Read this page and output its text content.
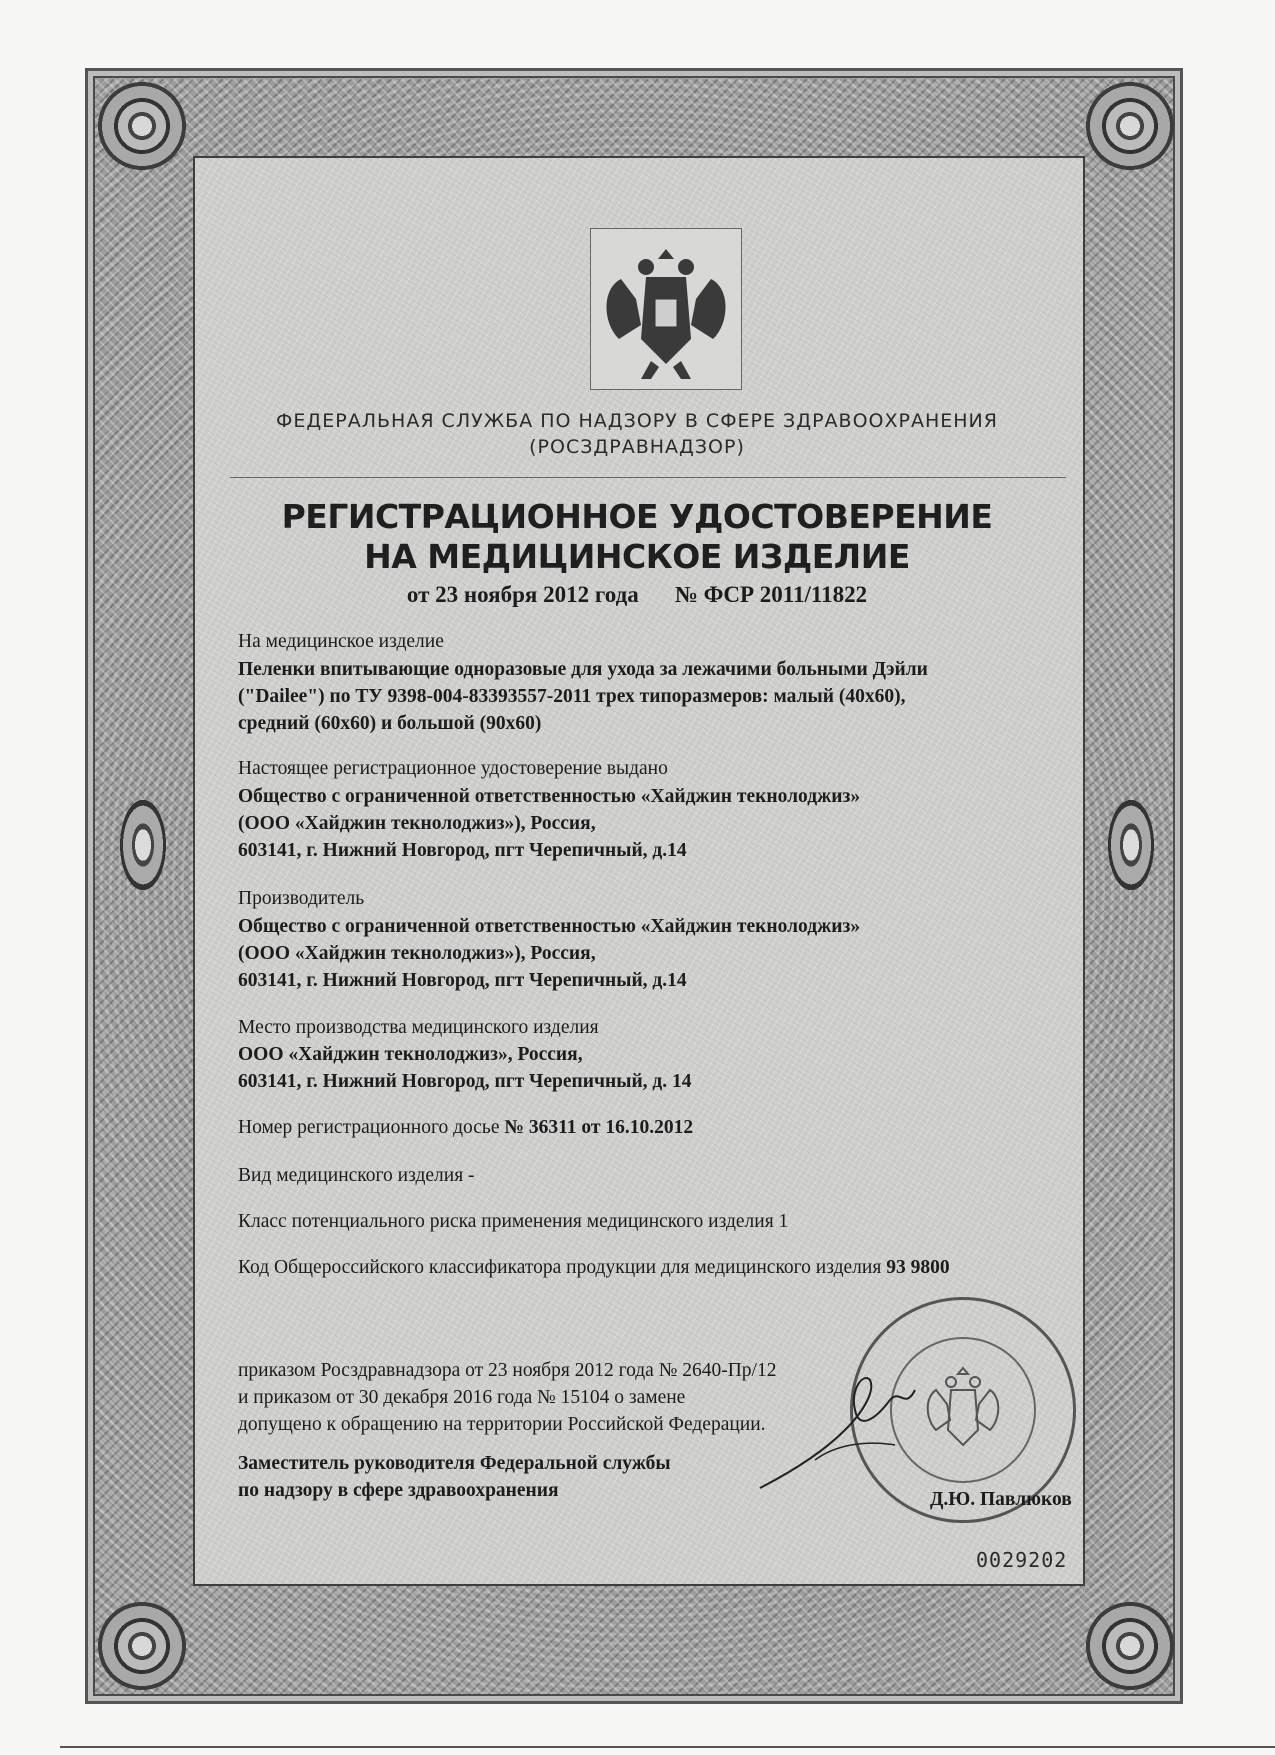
ФЕДЕРАЛЬНАЯ СЛУЖБА ПО НАДЗОРУ В СФЕРЕ ЗДРАВООХРАНЕНИЯ
(РОСЗДРАВНАДЗОР)
РЕГИСТРАЦИОННОЕ УДОСТОВЕРЕНИЕ
НА МЕДИЦИНСКОЕ ИЗДЕЛИЕ
от 23 ноября 2012 года № ФСР 2011/11822
На медицинское изделие
Пеленки впитывающие одноразовые для ухода за лежачими больными Дэйли
("Dailee") по ТУ 9398-004-83393557-2011 трех типоразмеров: малый (40х60),
средний (60х60) и большой (90х60)
Настоящее регистрационное удостоверение выдано
Общество с ограниченной ответственностью «Хайджин текнолоджиз»
(ООО «Хайджин текнолоджиз»), Россия,
603141, г. Нижний Новгород, пгт Черепичный, д.14
Производитель
Общество с ограниченной ответственностью «Хайджин текнолоджиз»
(ООО «Хайджин текнолоджиз»), Россия,
603141, г. Нижний Новгород, пгт Черепичный, д.14
Место производства медицинского изделия
ООО «Хайджин текнолоджиз», Россия,
603141, г. Нижний Новгород, пгт Черепичный, д. 14
Номер регистрационного досье № 36311 от 16.10.2012
Вид медицинского изделия -
Класс потенциального риска применения медицинского изделия 1
Код Общероссийского классификатора продукции для медицинского изделия 93 9800
приказом Росздравнадзора от 23 ноября 2012 года № 2640-Пр/12
и приказом от 30 декабря 2016 года № 15104 о замене
допущено к обращению на территории Российской Федерации.
Заместитель руководителя Федеральной службы
по надзору в сфере здравоохранения	Д.Ю. Павлюков
0029202
